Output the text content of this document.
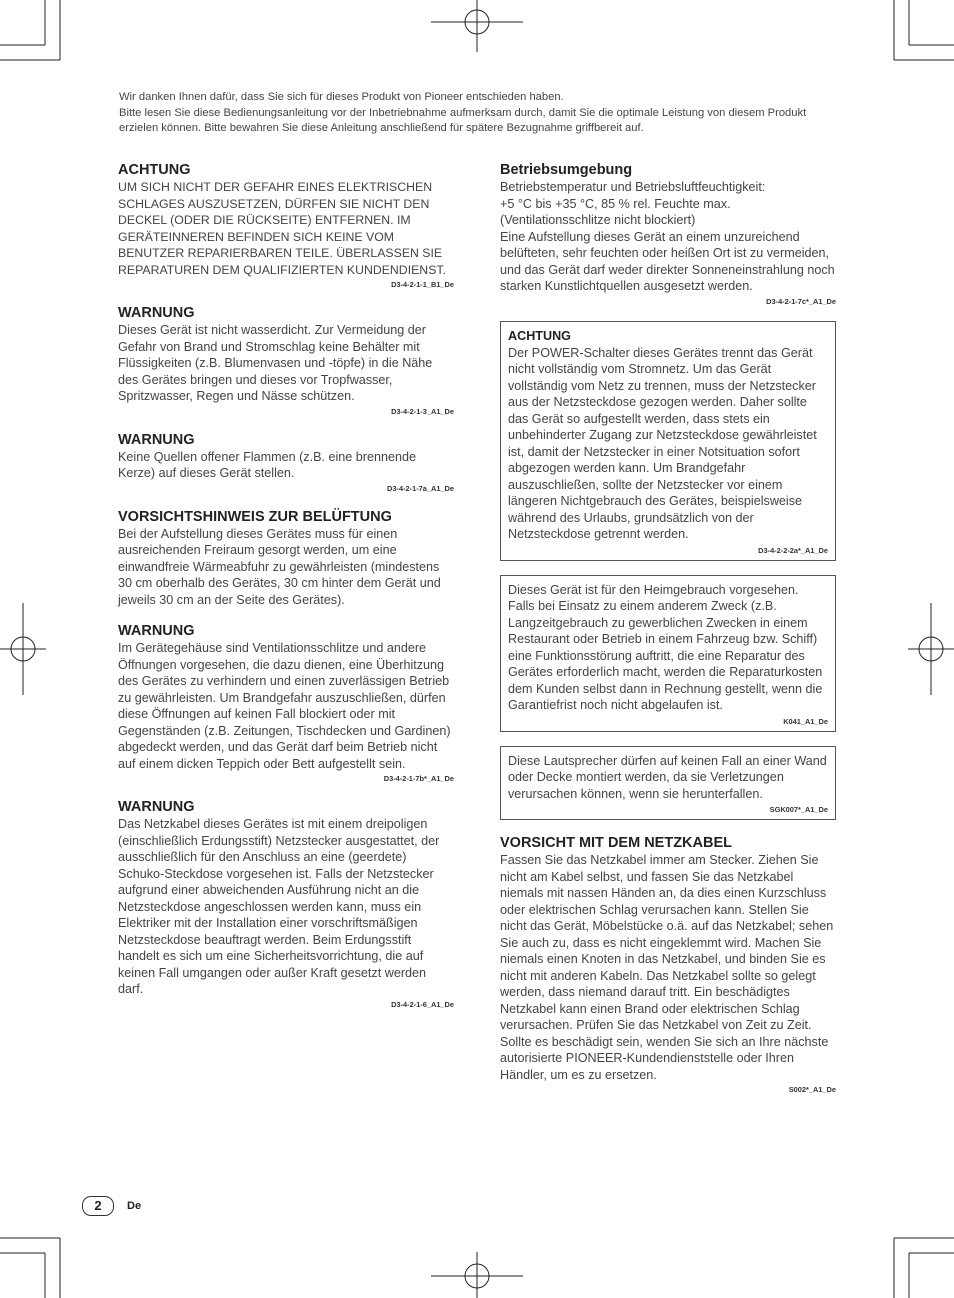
Wir danken Ihnen dafür, dass Sie sich für dieses Produkt von Pioneer entschieden haben.

Bitte lesen Sie diese Bedienungsanleitung vor der Inbetriebnahme aufmerksam durch, damit Sie die optimale Leistung von diesem Produkt erzielen können. Bitte bewahren Sie diese Anleitung anschließend für spätere Bezugnahme griffbereit auf.

ACHTUNG

UM SICH NICHT DER GEFAHR EINES ELEKTRISCHEN SCHLAGES AUSZUSETZEN, DÜRFEN SIE NICHT DEN DECKEL (ODER DIE RÜCKSEITE) ENTFERNEN. IM GERÄTEINNEREN BEFINDEN SICH KEINE VOM BENUTZER REPARIERBAREN TEILE. ÜBERLASSEN SIE REPARATUREN DEM QUALIFIZIERTEN KUNDENDIENST.

D3-4-2-1-1_B1_De
WARNUNG

Dieses Gerät ist nicht wasserdicht. Zur Vermeidung der Gefahr von Brand und Stromschlag keine Behälter mit Flüssigkeiten (z.B. Blumenvasen und -töpfe) in die Nähe des Gerätes bringen und dieses vor Tropfwasser, Spritzwasser, Regen und Nässe schützen.

D3-4-2-1-3_A1_De
WARNUNG

Keine Quellen offener Flammen (z.B. eine brennende Kerze) auf dieses Gerät stellen.

D3-4-2-1-7a_A1_De
VORSICHTSHINWEIS ZUR BELÜFTUNG

Bei der Aufstellung dieses Gerätes muss für einen ausreichenden Freiraum gesorgt werden, um eine einwandfreie Wärmeabfuhr zu gewährleisten (mindestens 30 cm oberhalb des Gerätes, 30 cm hinter dem Gerät und jeweils 30 cm an der Seite des Gerätes).

WARNUNG

Im Gerätegehäuse sind Ventilationsschlitze und andere Öffnungen vorgesehen, die dazu dienen, eine Überhitzung des Gerätes zu verhindern und einen zuverlässigen Betrieb zu gewährleisten. Um Brandgefahr auszuschließen, dürfen diese Öffnungen auf keinen Fall blockiert oder mit Gegenständen (z.B. Zeitungen, Tischdecken und Gardinen) abgedeckt werden, und das Gerät darf beim Betrieb nicht auf einem dicken Teppich oder Bett aufgestellt sein.

D3-4-2-1-7b*_A1_De
WARNUNG

Das Netzkabel dieses Gerätes ist mit einem dreipoligen (einschließlich Erdungsstift) Netzstecker ausgestattet, der ausschließlich für den Anschluss an eine (geerdete) Schuko-Steckdose vorgesehen ist. Falls der Netzstecker aufgrund einer abweichenden Ausführung nicht an die Netzsteckdose angeschlossen werden kann, muss ein Elektriker mit der Installation einer vorschriftsmäßigen Netzsteckdose beauftragt werden. Beim Erdungsstift handelt es sich um eine Sicherheitsvorrichtung, die auf keinen Fall umgangen oder außer Kraft gesetzt werden darf.

D3-4-2-1-6_A1_De
Betriebsumgebung

Betriebstemperatur und Betriebsluftfeuchtigkeit:

+5 °C bis +35 °C, 85 % rel. Feuchte max.

(Ventilationsschlitze nicht blockiert)

Eine Aufstellung dieses Gerät an einem unzureichend belüfteten, sehr feuchten oder heißen Ort ist zu vermeiden, und das Gerät darf weder direkter Sonneneinstrahlung noch starken Kunstlichtquellen ausgesetzt werden.

D3-4-2-1-7c*_A1_De
ACHTUNG

Der POWER-Schalter dieses Gerätes trennt das Gerät nicht vollständig vom Stromnetz. Um das Gerät vollständig vom Netz zu trennen, muss der Netzstecker aus der Netzsteckdose gezogen werden. Daher sollte das Gerät so aufgestellt werden, dass stets ein unbehinderter Zugang zur Netzsteckdose gewährleistet ist, damit der Netzstecker in einer Notsituation sofort abgezogen werden kann. Um Brandgefahr auszuschließen, sollte der Netzstecker vor einem längeren Nichtgebrauch des Gerätes, beispielsweise während des Urlaubs, grundsätzlich von der Netzsteckdose getrennt werden.

D3-4-2-2-2a*_A1_De

Dieses Gerät ist für den Heimgebrauch vorgesehen. Falls bei Einsatz zu einem anderem Zweck (z.B. Langzeitgebrauch zu gewerblichen Zwecken in einem Restaurant oder Betrieb in einem Fahrzeug bzw. Schiff) eine Funktionsstörung auftritt, die eine Reparatur des Gerätes erforderlich macht, werden die Reparaturkosten dem Kunden selbst dann in Rechnung gestellt, wenn die Garantiefrist noch nicht abgelaufen ist.

K041_A1_De

Diese Lautsprecher dürfen auf keinen Fall an einer Wand oder Decke montiert werden, da sie Verletzungen verursachen können, wenn sie herunterfallen.

SGK007*_A1_De
VORSICHT MIT DEM NETZKABEL

Fassen Sie das Netzkabel immer am Stecker. Ziehen Sie nicht am Kabel selbst, und fassen Sie das Netzkabel niemals mit nassen Händen an, da dies einen Kurzschluss oder elektrischen Schlag verursachen kann. Stellen Sie nicht das Gerät, Möbelstücke o.ä. auf das Netzkabel; sehen Sie auch zu, dass es nicht eingeklemmt wird. Machen Sie niemals einen Knoten in das Netzkabel, und binden Sie es nicht mit anderen Kabeln. Das Netzkabel sollte so gelegt werden, dass niemand darauf tritt. Ein beschädigtes Netzkabel kann einen Brand oder elektrischen Schlag verursachen. Prüfen Sie das Netzkabel von Zeit zu Zeit. Sollte es beschädigt sein, wenden Sie sich an Ihre nächste autorisierte PIONEER-Kundendienststelle oder Ihren Händler, um es zu ersetzen.

S002*_A1_De
2	De
